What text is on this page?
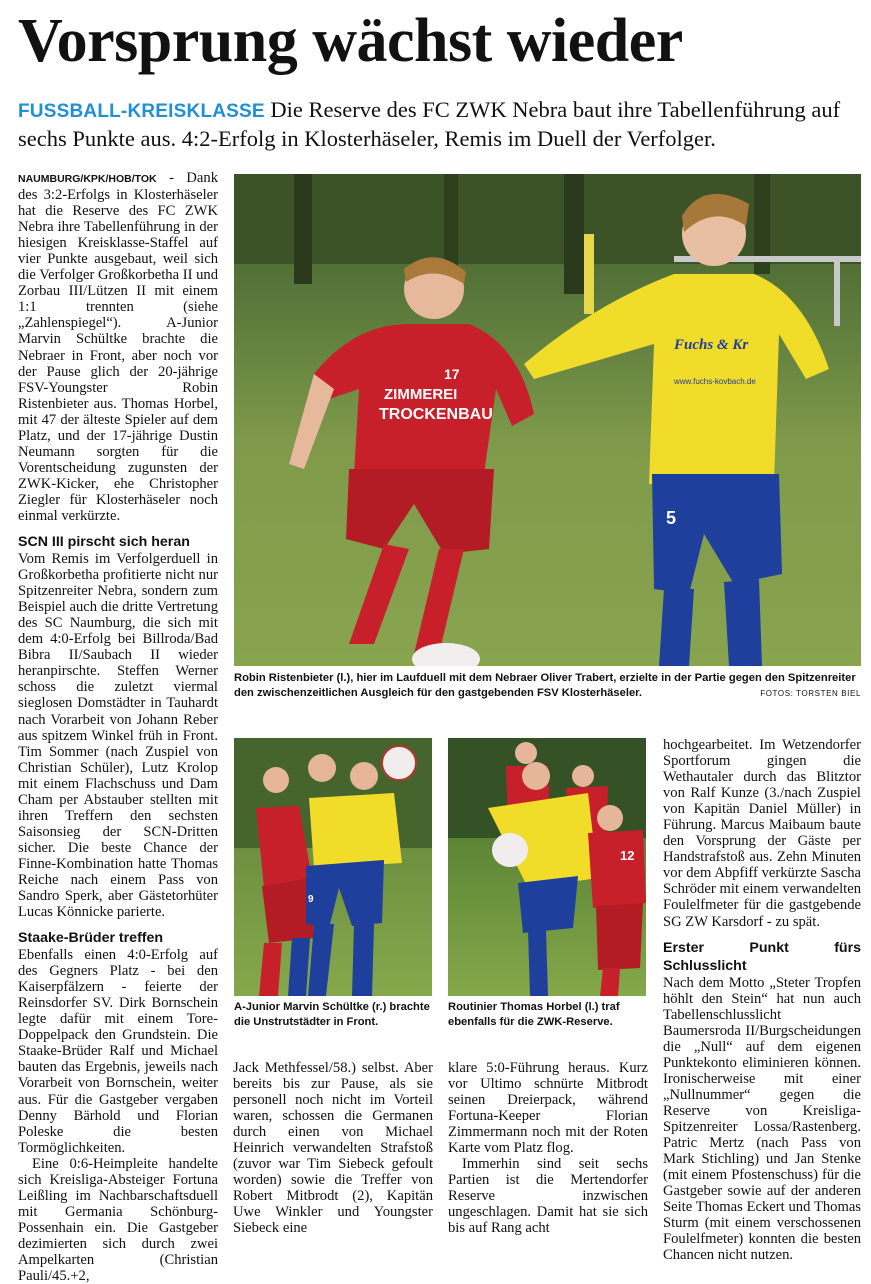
Vorsprung wächst wieder
FUSSBALL-KREISKLASSE Die Reserve des FC ZWK Nebra baut ihre Tabellenführung auf sechs Punkte aus. 4:2-Erfolg in Klosterhäseler, Remis im Duell der Verfolger.

NAUMBURG/KPK/HOB/TOK - Dank des 3:2-Erfolgs in Klosterhäseler hat die Reserve des FC ZWK Nebra ihre Tabellenführung in der hiesigen Kreisklasse-Staffel auf vier Punkte ausgebaut, weil sich die Verfolger Großkorbetha II und Zorbau III/Lützen II mit einem 1:1 trennten (siehe „Zahlenspiegel“). A-Junior Marvin Schültke brachte die Nebraer in Front, aber noch vor der Pause glich der 20-jährige FSV-Youngster Robin Ristenbieter aus. Thomas Horbel, mit 47 der älteste Spieler auf dem Platz, und der 17-jährige Dustin Neumann sorgten für die Vorentscheidung zugunsten der ZWK-Kicker, ehe Christopher Ziegler für Klosterhäseler noch einmal verkürzte.

SCN III pirscht sich heran

Vom Remis im Verfolgerduell in Großkorbetha profitierte nicht nur Spitzenreiter Nebra, sondern zum Beispiel auch die dritte Vertretung des SC Naumburg, die sich mit dem 4:0-Erfolg bei Billroda/Bad Bibra II/Saubach II wieder heranpirschte. Steffen Werner schoss die zuletzt viermal sieglosen Domstädter in Tauhardt nach Vorarbeit von Johann Reber aus spitzem Winkel früh in Front. Tim Sommer (nach Zuspiel von Christian Schüler), Lutz Krolop mit einem Flachschuss und Dam Cham per Abstauber stellten mit ihren Treffern den sechsten Saisonsieg der SCN-Dritten sicher. Die beste Chance der Finne-Kombination hatte Thomas Reiche nach einem Pass von Sandro Sperk, aber Gästetorhüter Lucas Könnicke parierte.

Staake-Brüder treffen

Ebenfalls einen 4:0-Erfolg auf des Gegners Platz - bei den Kaiserpfälzern - feierte der Reinsdorfer SV. Dirk Bornschein legte dafür mit einem Tore-Doppelpack den Grundstein. Die Staake-Brüder Ralf und Michael bauten das Ergebnis, jeweils nach Vorarbeit von Bornschein, weiter aus. Für die Gastgeber vergaben Denny Bärhold und Florian Poleske die besten Tormöglichkeiten.

Eine 0:6-Heimpleite handelte sich Kreisliga-Absteiger Fortuna Leißling im Nachbarschaftsduell mit Germania Schönburg-Possenhain ein. Die Gastgeber dezimierten sich durch zwei Ampelkarten (Christian Pauli/45.+2,

ZIMMEREI
TROCKENBAU
17
Fuchs & Kr
www.fuchs-kovbach.de
5
Robin Ristenbieter (l.), hier im Laufduell mit dem Nebraer Oliver Trabert, erzielte in der Partie gegen den Spitzenreiter den zwischenzeitlichen Ausgleich für den gastgebenden FSV Klosterhäseler.	FOTOS: TORSTEN BIEL
9
A-Junior Marvin Schültke (r.) brachte die Unstrutstädter in Front.
12
Routinier Thomas Horbel (l.) traf ebenfalls für die ZWK-Reserve.

Jack Methfessel/58.) selbst. Aber bereits bis zur Pause, als sie personell noch nicht im Vorteil waren, schossen die Germanen durch einen von Michael Heinrich verwandelten Strafstoß (zuvor war Tim Siebeck gefoult worden) sowie die Treffer von Robert Mitbrodt (2), Kapitän Uwe Winkler und Youngster Siebeck eine

klare 5:0-Führung heraus. Kurz vor Ultimo schnürte Mitbrodt seinen Dreierpack, während Fortuna-Keeper Florian Zimmermann noch mit der Roten Karte vom Platz flog.

Immerhin sind seit sechs Partien ist die Mertendorfer Reserve inzwischen ungeschlagen. Damit hat sie sich bis auf Rang acht

hochgearbeitet. Im Wetzendorfer Sportforum gingen die Wethautaler durch das Blitztor von Ralf Kunze (3./nach Zuspiel von Kapitän Daniel Müller) in Führung. Marcus Maibaum baute den Vorsprung der Gäste per Handstrafstoß aus. Zehn Minuten vor dem Abpfiff verkürzte Sascha Schröder mit einem verwandelten Foulelfmeter für die gastgebende SG ZW Karsdorf - zu spät.

Erster Punkt fürs Schlusslicht

Nach dem Motto „Steter Tropfen höhlt den Stein“ hat nun auch Tabellenschlusslicht Baumersroda II/Burgscheidungen die „Null“ auf dem eigenen Punktekonto eliminieren können. Ironischerweise mit einer „Nullnummer“ gegen die Reserve von Kreisliga-Spitzenreiter Lossa/Rastenberg. Patric Mertz (nach Pass von Mark Stichling) und Jan Stenke (mit einem Pfostenschuss) für die Gastgeber sowie auf der anderen Seite Thomas Eckert und Thomas Sturm (mit einem verschossenen Foulelfmeter) konnten die besten Chancen nicht nutzen.
